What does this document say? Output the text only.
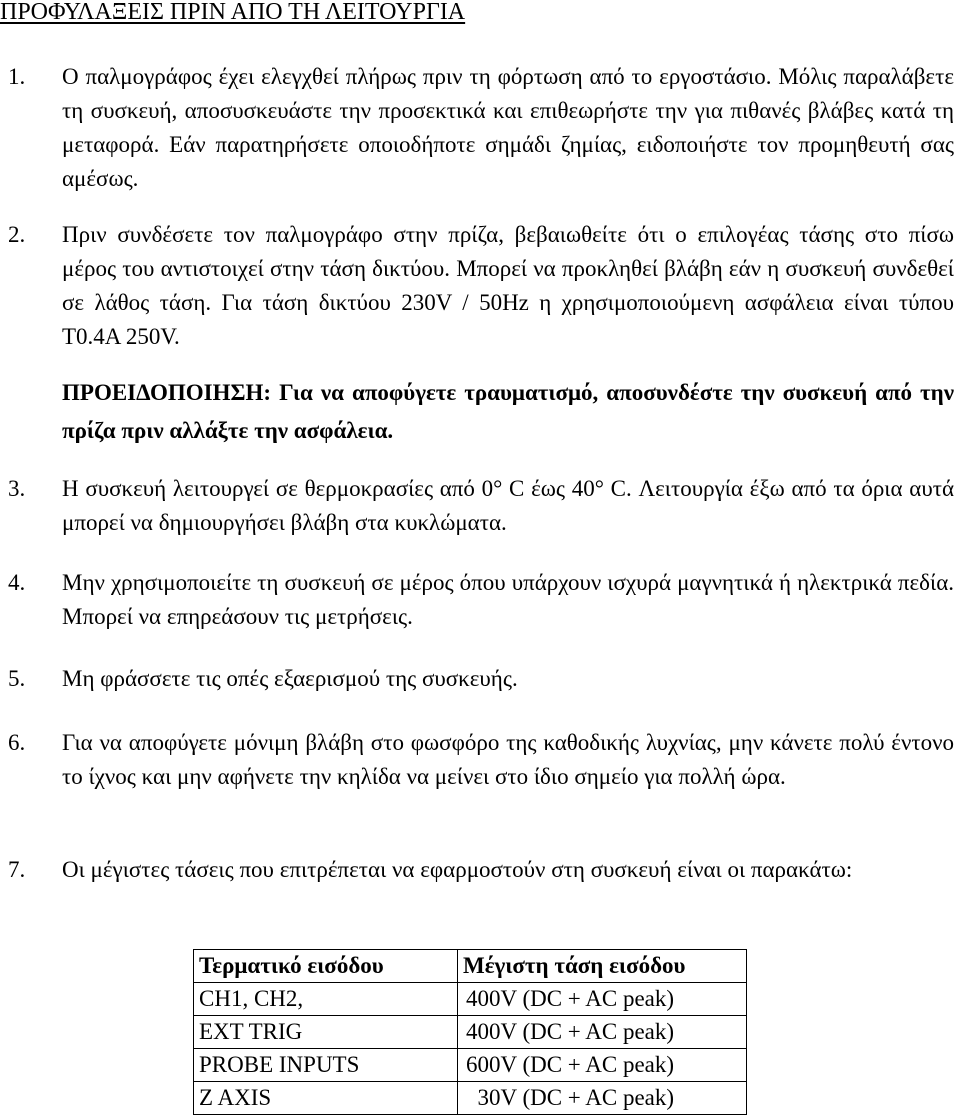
ΠΡΟΦΥΛΑΞΕΙΣ ΠΡΙΝ ΑΠΟ ΤΗ ΛΕΙΤΟΥΡΓΙΑ
1. Ο παλμογράφος έχει ελεγχθεί πλήρως πριν τη φόρτωση από το εργοστάσιο. Μόλις παραλάβετε τη συσκευή, αποσυσκευάστε την προσεκτικά και επιθεωρήστε την για πιθανές βλάβες κατά τη μεταφορά. Εάν παρατηρήσετε οποιοδήποτε σημάδι ζημίας, ειδοποιήστε τον προμηθευτή σας αμέσως.
2. Πριν συνδέσετε τον παλμογράφο στην πρίζα, βεβαιωθείτε ότι ο επιλογέας τάσης στο πίσω μέρος του αντιστοιχεί στην τάση δικτύου. Μπορεί να προκληθεί βλάβη εάν η συσκευή συνδεθεί σε λάθος τάση. Για τάση δικτύου 230V / 50Hz η χρησιμοποιούμενη ασφάλεια είναι τύπου T0.4A 250V.
ΠΡΟΕΙΔΟΠΟΙΗΣΗ: Για να αποφύγετε τραυματισμό, αποσυνδέστε την συσκευή από την πρίζα πριν αλλάξτε την ασφάλεια.
3. Η συσκευή λειτουργεί σε θερμοκρασίες από 0° C έως 40° C. Λειτουργία έξω από τα όρια αυτά μπορεί να δημιουργήσει βλάβη στα κυκλώματα.
4. Μην χρησιμοποιείτε τη συσκευή σε μέρος όπου υπάρχουν ισχυρά μαγνητικά ή ηλεκτρικά πεδία. Μπορεί να επηρεάσουν τις μετρήσεις.
5. Μη φράσσετε τις οπές εξαερισμού της συσκευής.
6. Για να αποφύγετε μόνιμη βλάβη στο φωσφόρο της καθοδικής λυχνίας, μην κάνετε πολύ έντονο το ίχνος και μην αφήνετε την κηλίδα να μείνει στο ίδιο σημείο για πολλή ώρα.
7. Οι μέγιστες τάσεις που επιτρέπεται να εφαρμοστούν στη συσκευή είναι οι παρακάτω:
Τερματικό εισόδου	Μέγιστη τάση εισόδου
CH1, CH2,	400V (DC + AC peak)
EXT TRIG	400V (DC + AC peak)
PROBE INPUTS	600V (DC + AC peak)
Z AXIS	30V (DC + AC peak)
